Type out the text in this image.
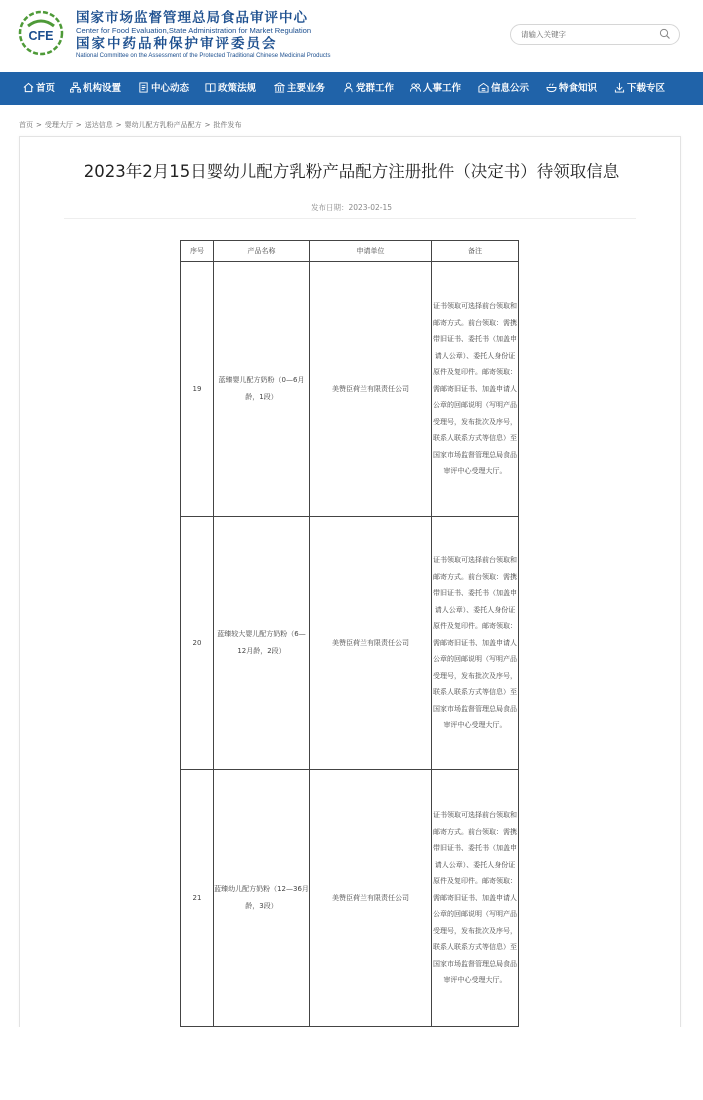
CFE
国家市场监督管理总局食品审评中心
Center for Food Evaluation,State Administration for Market Regulation
国家中药品种保护审评委员会
National Committee on the Assessment of the Protected Traditional Chinese Medicinal Products
请输入关键字
首页	机构设置	中心动态	政策法规	主要业务	党群工作	人事工作	信息公示	特食知识	下载专区
首页 > 受理大厅 > 送达信息 > 婴幼儿配方乳粉产品配方 > 批件发布
2023年2月15日婴幼儿配方乳粉产品配方注册批件（决定书）待领取信息
发布日期：2023-02-15
序号	产品名称	申请单位	备注
19	蓝臻婴儿配方奶粉（0—6月龄，1段）	美赞臣荷兰有限责任公司	证书领取可选择前台领取和邮寄方式。前台领取：需携带旧证书、委托书（加盖申请人公章）、委托人身份证原件及复印件。邮寄领取：需邮寄旧证书、加盖申请人公章的回邮说明（写明产品受理号，发布批次及序号，联系人联系方式等信息）至国家市场监督管理总局食品审评中心受理大厅。
20	蓝臻较大婴儿配方奶粉（6—12月龄，2段）	美赞臣荷兰有限责任公司	证书领取可选择前台领取和邮寄方式。前台领取：需携带旧证书、委托书（加盖申请人公章）、委托人身份证原件及复印件。邮寄领取：需邮寄旧证书、加盖申请人公章的回邮说明（写明产品受理号，发布批次及序号，联系人联系方式等信息）至国家市场监督管理总局食品审评中心受理大厅。
21	蓝臻幼儿配方奶粉（12—36月龄，3段）	美赞臣荷兰有限责任公司	证书领取可选择前台领取和邮寄方式。前台领取：需携带旧证书、委托书（加盖申请人公章）、委托人身份证原件及复印件。邮寄领取：需邮寄旧证书、加盖申请人公章的回邮说明（写明产品受理号，发布批次及序号，联系人联系方式等信息）至国家市场监督管理总局食品审评中心受理大厅。
